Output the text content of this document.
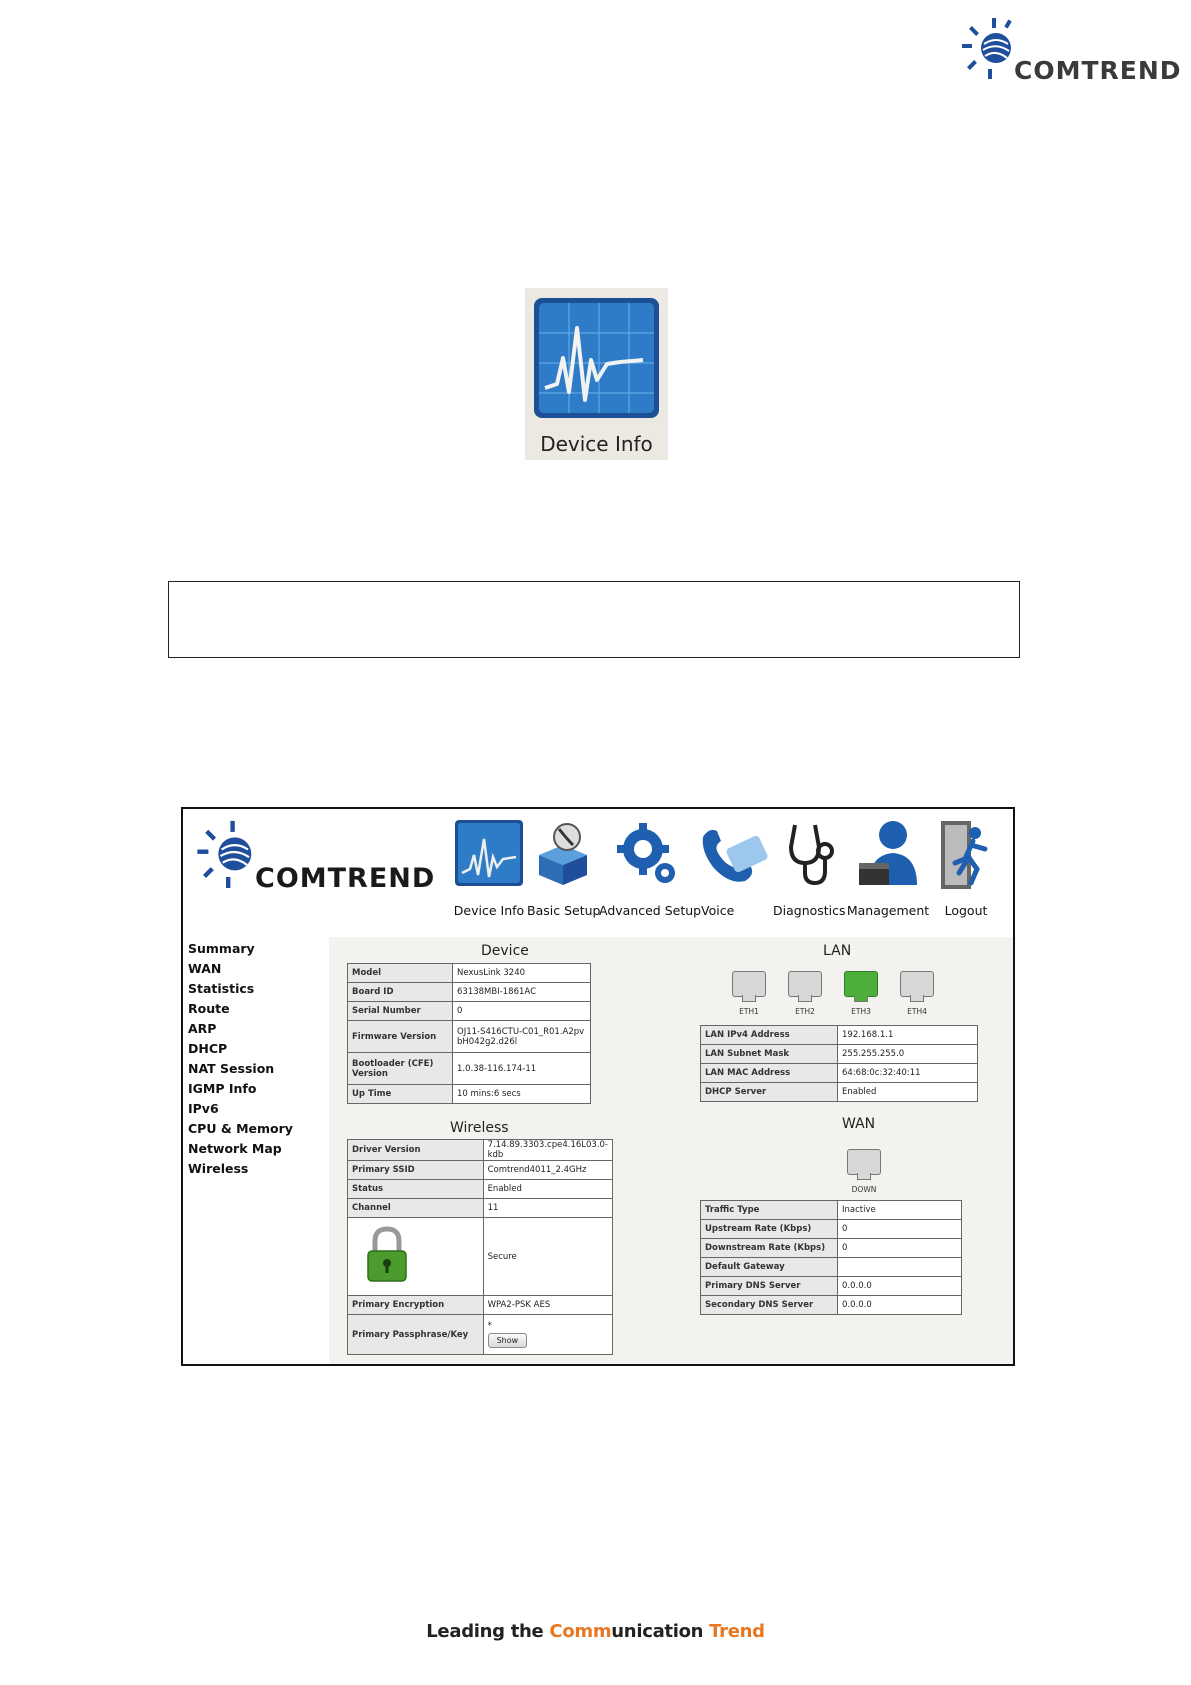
COMTREND
Device Info
COMTREND
Device Info Basic Setup
Advanced Setup Voice	Diagnostics Management	Logout
Summary
WAN
Statistics
Route
ARP
DHCP
NAT Session
IGMP Info
IPv6
CPU & Memory
Network Map
Wireless
Device
Model	NexusLink 3240
Board ID	63138MBI-1861AC
Serial Number	0
Firmware Version	OJ11-S416CTU-C01_R01.A2pvbH042g2.d26l
Bootloader (CFE) Version	1.0.38-116.174-11
Up Time	10 mins:6 secs
Wireless
Driver Version	7.14.89.3303.cpe4.16L03.0-kdb
Primary SSID	Comtrend4011_2.4GHz
Status	Enabled
Channel	11
	Secure
Primary Encryption	WPA2-PSK AES
Primary Passphrase/Key	*
Show
LAN
ETH1	ETH2	ETH3	ETH4
LAN IPv4 Address	192.168.1.1
LAN Subnet Mask	255.255.255.0
LAN MAC Address	64:68:0c:32:40:11
DHCP Server	Enabled
WAN
DOWN
Traffic Type	Inactive
Upstream Rate (Kbps)	0
Downstream Rate (Kbps)	0
Default Gateway	
Primary DNS Server	0.0.0.0
Secondary DNS Server	0.0.0.0
Leading the Communication Trend
